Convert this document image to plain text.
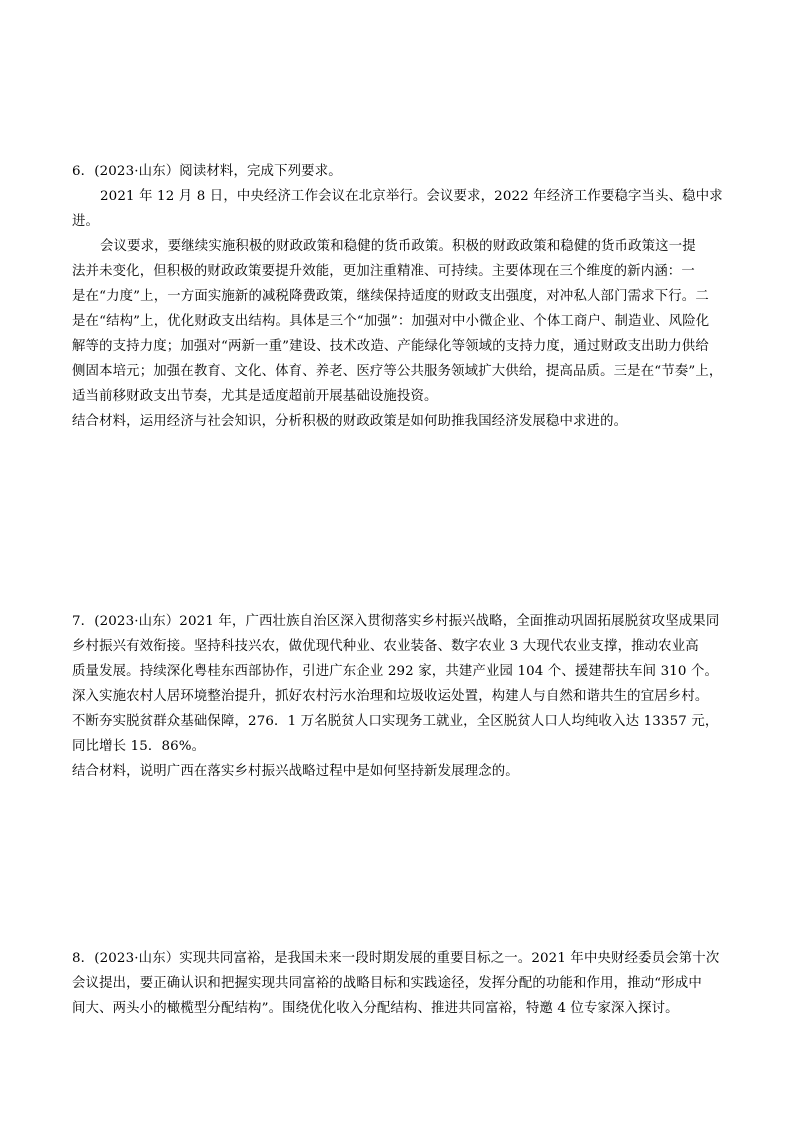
6．(2023·山东）阅读材料，完成下列要求。
2021 年 12 月 8 日，中央经济工作会议在北京举行。会议要求，2022 年经济工作要稳字当头、稳中求
进。
会议要求，要继续实施积极的财政政策和稳健的货币政策。积极的财政政策和稳健的货币政策这一提
法并未变化，但积极的财政政策要提升效能，更加注重精准、可持续。主要体现在三个维度的新内涵：一
是在“力度”上，一方面实施新的减税降费政策，继续保持适度的财政支出强度，对冲私人部门需求下行。二
是在“结构”上，优化财政支出结构。具体是三个“加强”：加强对中小微企业、个体工商户、制造业、风险化
解等的支持力度；加强对“两新一重”建设、技术改造、产能绿化等领域的支持力度，通过财政支出助力供给
侧固本培元；加强在教育、文化、体育、养老、医疗等公共服务领域扩大供给，提高品质。三是在“节奏”上，
适当前移财政支出节奏，尤其是适度超前开展基础设施投资。
结合材料，运用经济与社会知识，分析积极的财政政策是如何助推我国经济发展稳中求进的。
7．(2023·山东）2021 年，广西壮族自治区深入贯彻落实乡村振兴战略，全面推动巩固拓展脱贫攻坚成果同
乡村振兴有效衔接。坚持科技兴农，做优现代种业、农业装备、数字农业 3 大现代农业支撑，推动农业高
质量发展。持续深化粤桂东西部协作，引进广东企业 292 家，共建产业园 104 个、援建帮扶车间 310 个。
深入实施农村人居环境整治提升，抓好农村污水治理和垃圾收运处置，构建人与自然和谐共生的宜居乡村。
不断夯实脱贫群众基础保障，276．1 万名脱贫人口实现务工就业，全区脱贫人口人均纯收入达 13357 元，
同比增长 15．86%。
结合材料，说明广西在落实乡村振兴战略过程中是如何坚持新发展理念的。
8．(2023·山东）实现共同富裕，是我国未来一段时期发展的重要目标之一。2021 年中央财经委员会第十次
会议提出，要正确认识和把握实现共同富裕的战略目标和实践途径，发挥分配的功能和作用，推动“形成中
间大、两头小的橄榄型分配结构”。围绕优化收入分配结构、推进共同富裕，特邀 4 位专家深入探讨。
